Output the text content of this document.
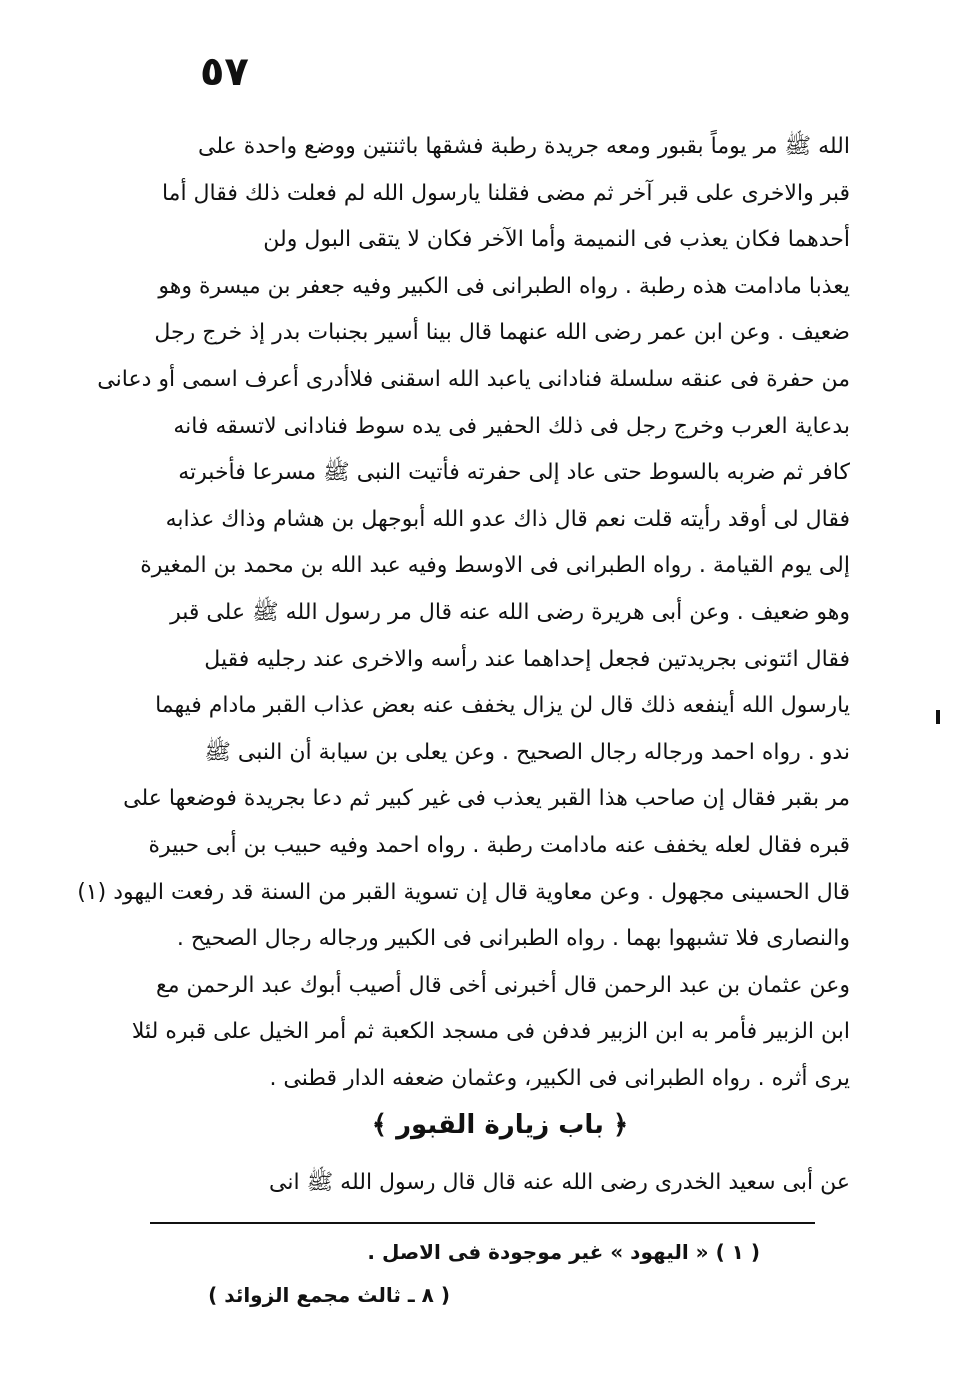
٥٧
الله ﷺ مر يوماً بقبور ومعه جريدة رطبة فشقها باثنتين ووضع واحدة على
قبر والاخرى على قبر آخر ثم مضى فقلنا يارسول الله لم فعلت ذلك فقال أما
أحدهما فكان يعذب فى النميمة وأما الآخر فكان لا يتقى البول ولن
يعذبا مادامت هذه رطبة . رواه الطبرانى فى الكبير وفيه جعفر بن ميسرة وهو
ضعيف . وعن ابن عمر رضى الله عنهما قال بينا أسير بجنبات بدر إذ خرج رجل
من حفرة فى عنقه سلسلة فنادانى ياعبد الله اسقنى فلاأدرى أعرف اسمى أو دعانى
بدعاية العرب وخرج رجل فى ذلك الحفير فى يده سوط فنادانى لاتسقه فانه
كافر ثم ضربه بالسوط حتى عاد إلى حفرته فأتيت النبى ﷺ مسرعا فأخبرته
فقال لى أوقد رأيته قلت نعم قال ذاك عدو الله أبوجهل بن هشام وذاك عذابه
إلى يوم القيامة . رواه الطبرانى فى الاوسط وفيه عبد الله بن محمد بن المغيرة
وهو ضعيف . وعن أبى هريرة رضى الله عنه قال مر رسول الله ﷺ على قبر
فقال ائتونى بجريدتين فجعل إحداهما عند رأسه والاخرى عند رجليه فقيل
يارسول الله أينفعه ذلك قال لن يزال يخفف عنه بعض عذاب القبر مادام فيهما
ندو . رواه احمد ورجاله رجال الصحيح . وعن يعلى بن سيابة أن النبى ﷺ
مر بقبر فقال إن صاحب هذا القبر يعذب فى غير كبير ثم دعا بجريدة فوضعها على
قبره فقال لعله يخفف عنه مادامت رطبة . رواه احمد وفيه حبيب بن أبى حبيرة
قال الحسينى مجهول . وعن معاوية قال إن تسوية القبر من السنة قد رفعت اليهود (١)
والنصارى فلا تشبهوا بهما . رواه الطبرانى فى الكبير ورجاله رجال الصحيح .
وعن عثمان بن عبد الرحمن قال أخبرنى أخى قال أصيب أبوك عبد الرحمن مع
ابن الزبير فأمر به ابن الزبير فدفن فى مسجد الكعبة ثم أمر الخيل على قبره لئلا
يرى أثره . رواه الطبرانى فى الكبير، وعثمان ضعفه الدار قطنى .
﴿ باب زيارة القبور ﴾
عن أبى سعيد الخدرى رضى الله عنه قال قال رسول الله ﷺ انى
( ١ ) « اليهود » غير موجودة فى الاصل .
( ٨ ـ ثالث مجمع الزوائد )
